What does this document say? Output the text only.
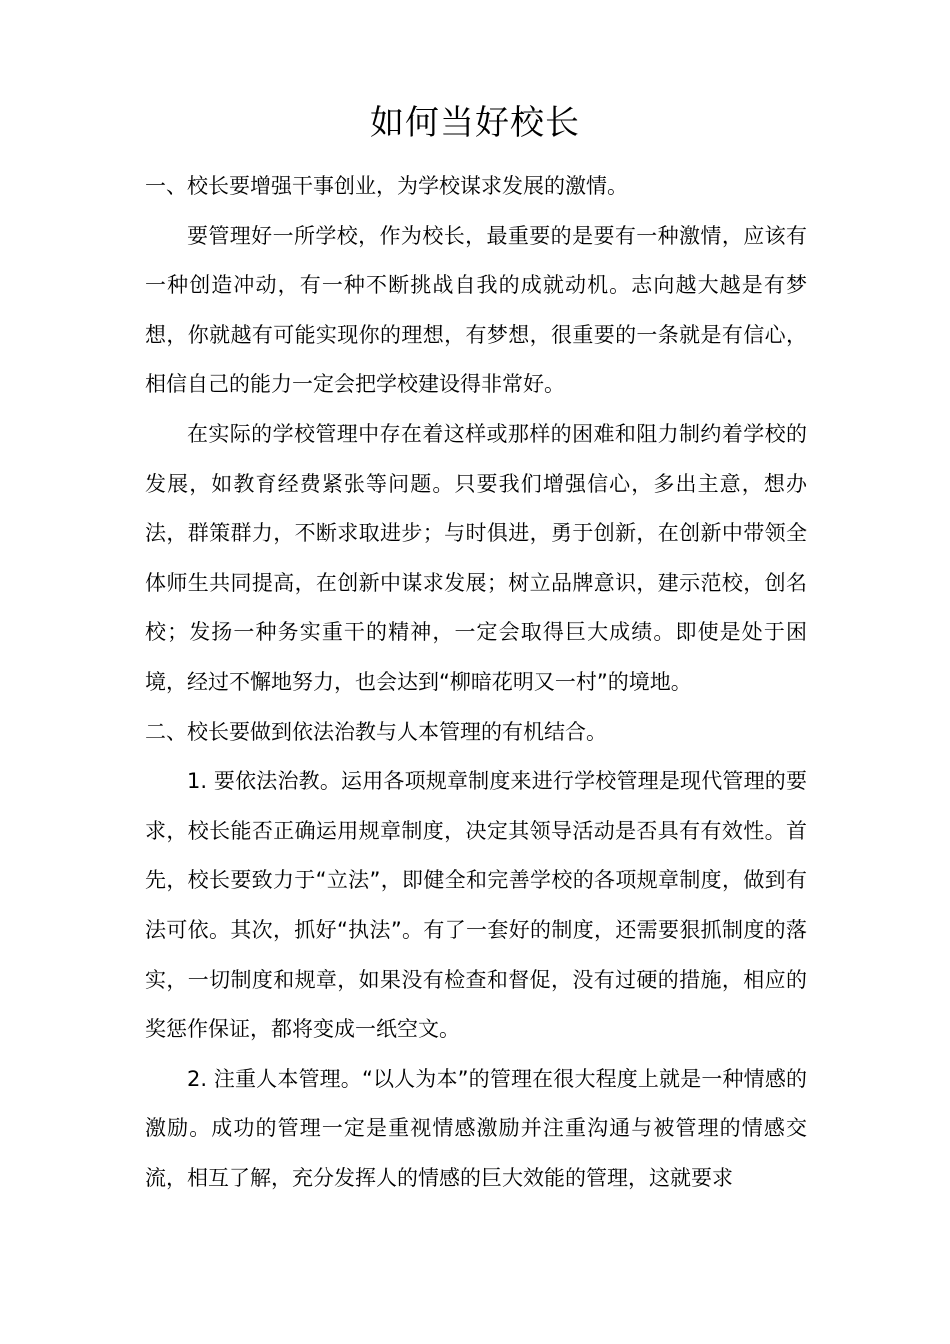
如何当好校长

一、校长要增强干事创业，为学校谋求发展的激情。

要管理好一所学校，作为校长，最重要的是要有一种激情，应该有一种创造冲动，有一种不断挑战自我的成就动机。志向越大越是有梦想，你就越有可能实现你的理想，有梦想，很重要的一条就是有信心，相信自己的能力一定会把学校建设得非常好。

在实际的学校管理中存在着这样或那样的困难和阻力制约着学校的发展，如教育经费紧张等问题。只要我们增强信心，多出主意，想办法，群策群力，不断求取进步；与时俱进，勇于创新，在创新中带领全体师生共同提高，在创新中谋求发展；树立品牌意识，建示范校，创名校；发扬一种务实重干的精神，一定会取得巨大成绩。即使是处于困境，经过不懈地努力，也会达到“柳暗花明又一村”的境地。

二、校长要做到依法治教与人本管理的有机结合。

1. 要依法治教。运用各项规章制度来进行学校管理是现代管理的要求，校长能否正确运用规章制度，决定其领导活动是否具有有效性。首先，校长要致力于“立法”，即健全和完善学校的各项规章制度，做到有法可依。其次，抓好“执法”。有了一套好的制度，还需要狠抓制度的落实，一切制度和规章，如果没有检查和督促，没有过硬的措施，相应的奖惩作保证，都将变成一纸空文。

2. 注重人本管理。“以人为本”的管理在很大程度上就是一种情感的激励。成功的管理一定是重视情感激励并注重沟通与被管理的情感交流，相互了解，充分发挥人的情感的巨大效能的管理，这就要求
